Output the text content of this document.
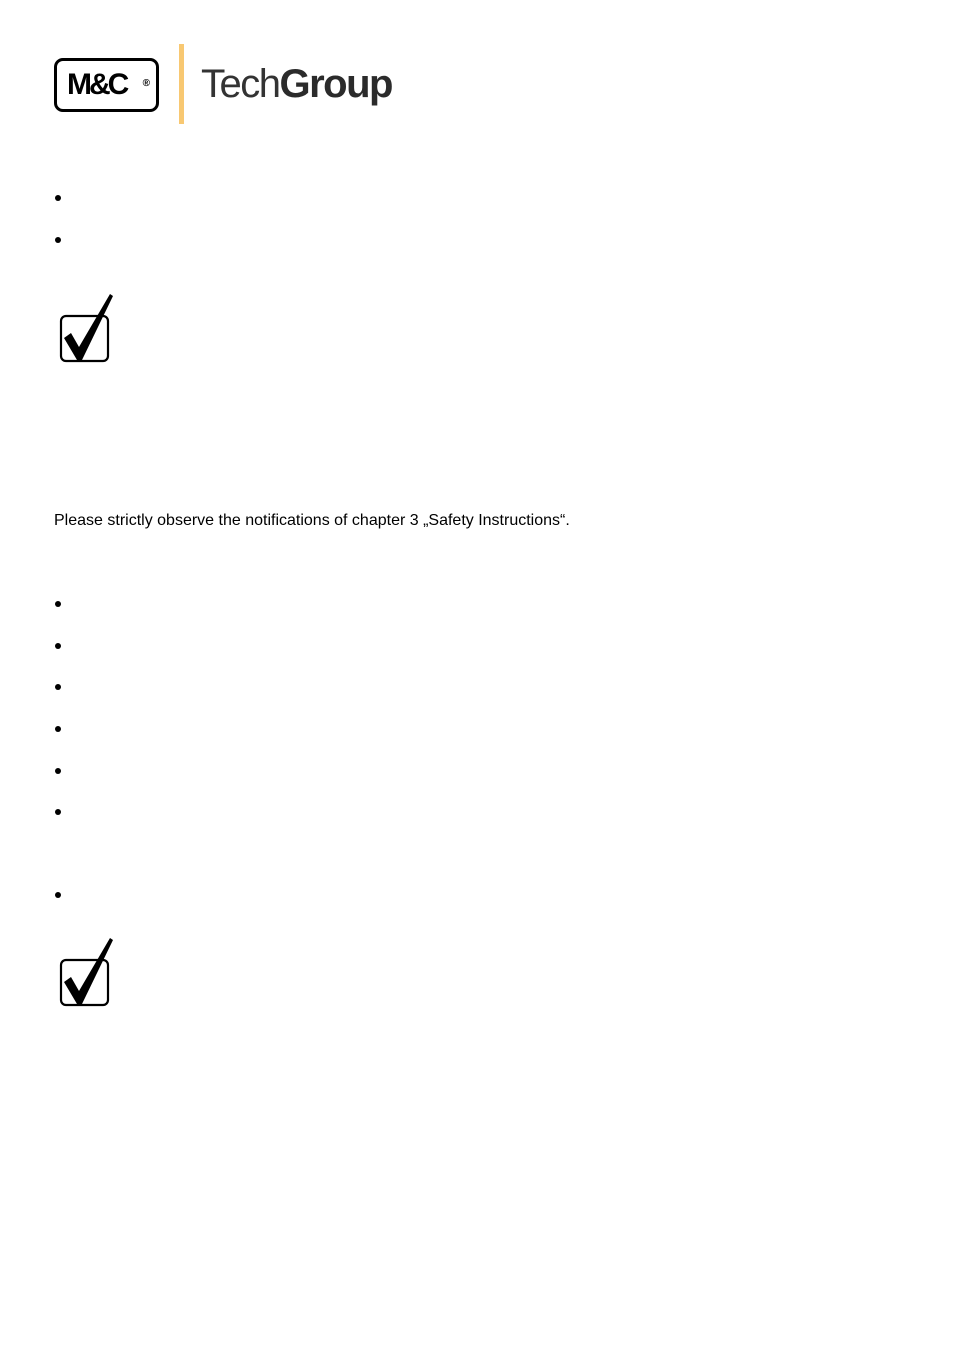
M&C ® TechGroup
Please strictly observe the notifications of chapter 3 „Safety Instructions“.
